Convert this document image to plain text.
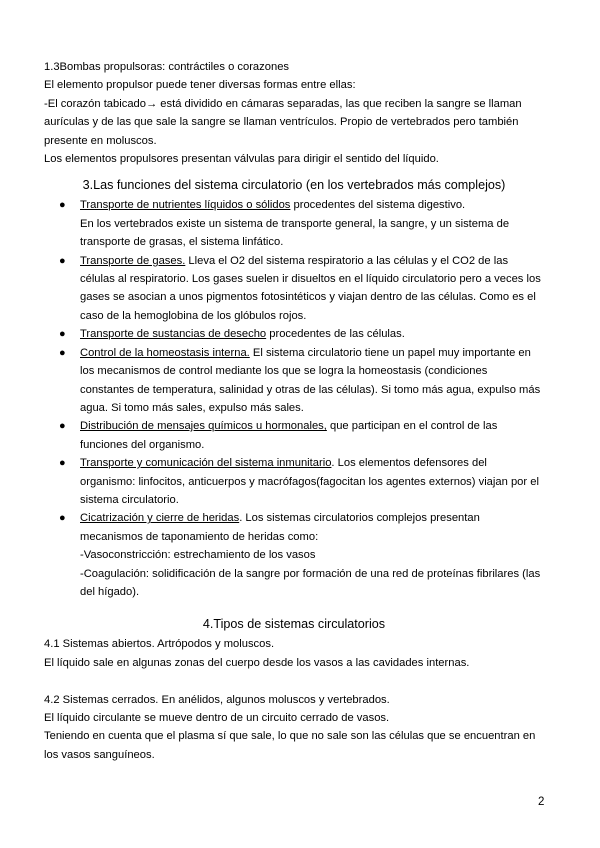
1.3Bombas propulsoras: contráctiles o corazones

El elemento propulsor puede tener diversas formas entre ellas:

-El corazón tabicado→ está dividido en cámaras separadas, las que reciben la sangre se llaman aurículas y de las que sale la sangre se llaman ventrículos. Propio de vertebrados pero también presente en moluscos.

Los elementos propulsores presentan válvulas para dirigir el sentido del líquido.

3.Las funciones del sistema circulatorio (en los vertebrados más complejos)

● Transporte de nutrientes líquidos o sólidos procedentes del sistema digestivo.
En los vertebrados existe un sistema de transporte general, la sangre, y un sistema de transporte de grasas, el sistema linfático.
● Transporte de gases. Lleva el O2 del sistema respiratorio a las células y el CO2 de las células al respiratorio. Los gases suelen ir disueltos en el líquido circulatorio pero a veces los gases se asocian a unos pigmentos fotosintéticos y viajan dentro de las células. Como es el caso de la hemoglobina de los glóbulos rojos.
● Transporte de sustancias de desecho procedentes de las células.
● Control de la homeostasis interna. El sistema circulatorio tiene un papel muy importante en los mecanismos de control mediante los que se logra la homeostasis (condiciones constantes de temperatura, salinidad y otras de las células). Si tomo más agua, expulso más agua. Si tomo más sales, expulso más sales.
● Distribución de mensajes químicos u hormonales, que participan en el control de las funciones del organismo.
● Transporte y comunicación del sistema inmunitario. Los elementos defensores del organismo: linfocitos, anticuerpos y macrófagos(fagocitan los agentes externos) viajan por el sistema circulatorio.
● Cicatrización y cierre de heridas. Los sistemas circulatorios complejos presentan mecanismos de taponamiento de heridas como:
-Vasoconstricción: estrechamiento de los vasos
-Coagulación: solidificación de la sangre por formación de una red de proteínas fibrilares (las del hígado).

4.Tipos de sistemas circulatorios

4.1 Sistemas abiertos. Artrópodos y moluscos.

El líquido sale en algunas zonas del cuerpo desde los vasos a las cavidades internas.

4.2 Sistemas cerrados. En anélidos, algunos moluscos y vertebrados.

El líquido circulante se mueve dentro de un circuito cerrado de vasos.

Teniendo en cuenta que el plasma sí que sale, lo que no sale son las células que se encuentran en los vasos sanguíneos.

2
